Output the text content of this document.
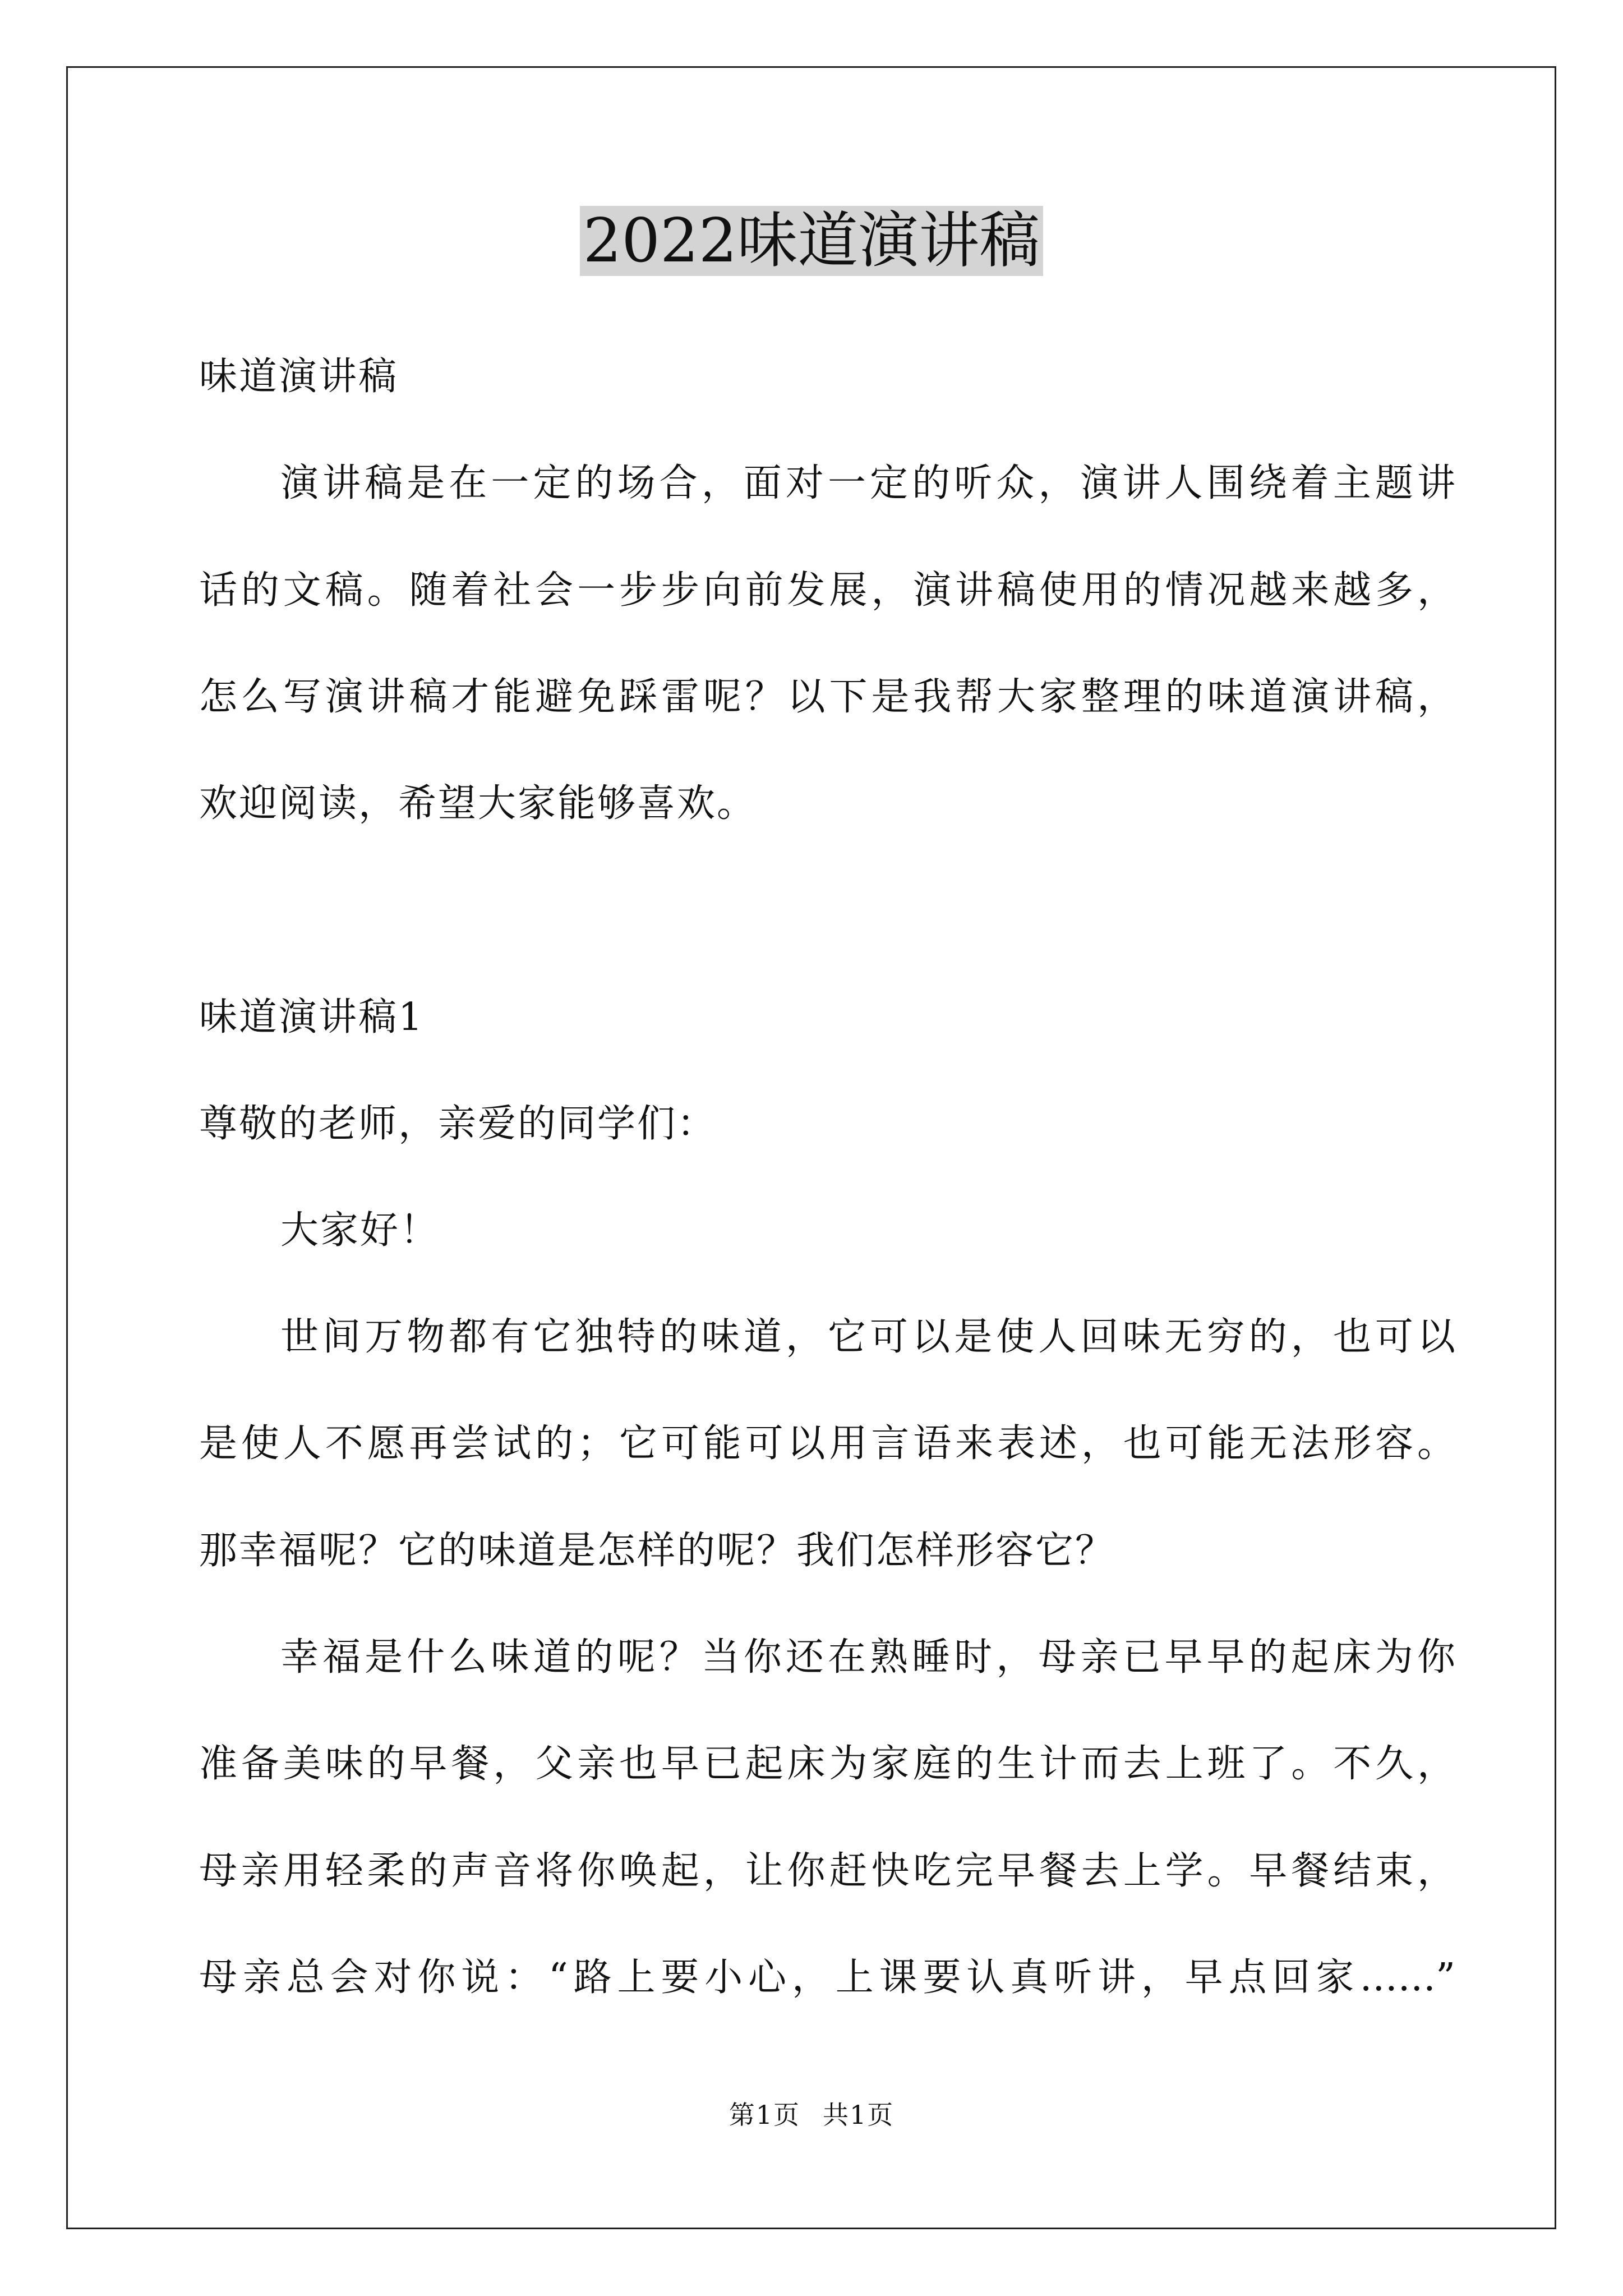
2022味道演讲稿
味道演讲稿
演讲稿是在一定的场合，面对一定的听众，演讲人围绕着主题讲
话的文稿。随着社会一步步向前发展，演讲稿使用的情况越来越多，
怎么写演讲稿才能避免踩雷呢？以下是我帮大家整理的味道演讲稿，
欢迎阅读，希望大家能够喜欢。
味道演讲稿1
尊敬的老师，亲爱的同学们：
大家好！
世间万物都有它独特的味道，它可以是使人回味无穷的，也可以
是使人不愿再尝试的；它可能可以用言语来表述，也可能无法形容。
那幸福呢？它的味道是怎样的呢？我们怎样形容它？
幸福是什么味道的呢？当你还在熟睡时，母亲已早早的起床为你
准备美味的早餐，父亲也早已起床为家庭的生计而去上班了。不久，
母亲用轻柔的声音将你唤起，让你赶快吃完早餐去上学。早餐结束，
母亲总会对你说：“路上要小心，上课要认真听讲，早点回家……”
第1页 共1页
